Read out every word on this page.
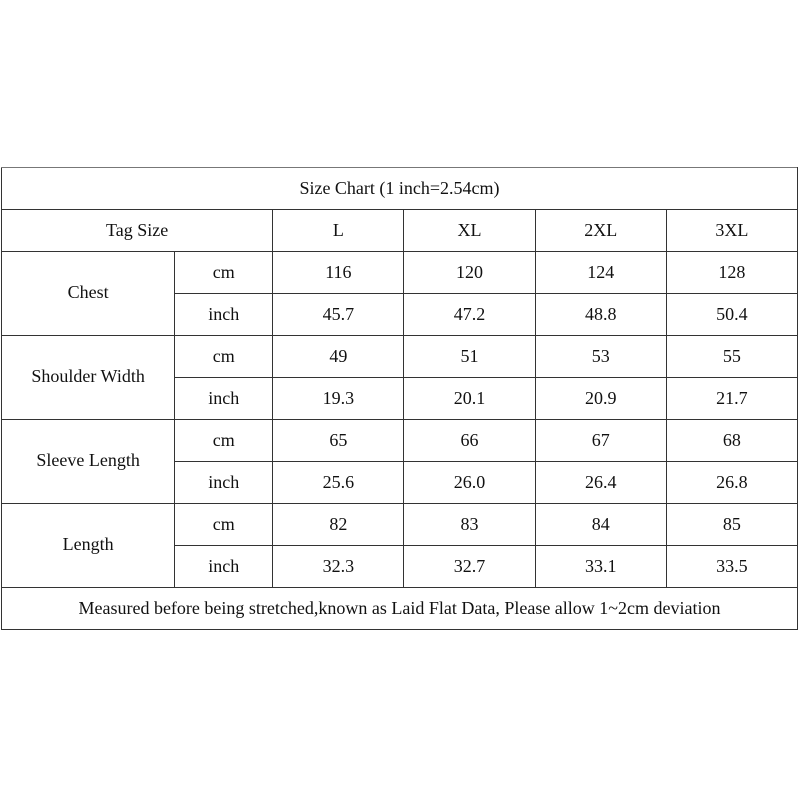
Size Chart (1 inch=2.54cm)					
Tag Size		L	XL	2XL	3XL
Chest	cm	116	120	124	128
	inch	45.7	47.2	48.8	50.4
Shoulder Width	cm	49	51	53	55
	inch	19.3	20.1	20.9	21.7
Sleeve Length	cm	65	66	67	68
	inch	25.6	26.0	26.4	26.8
Length	cm	82	83	84	85
	inch	32.3	32.7	33.1	33.5
Measured before being stretched,known as Laid Flat Data, Please allow 1~2cm deviation					
